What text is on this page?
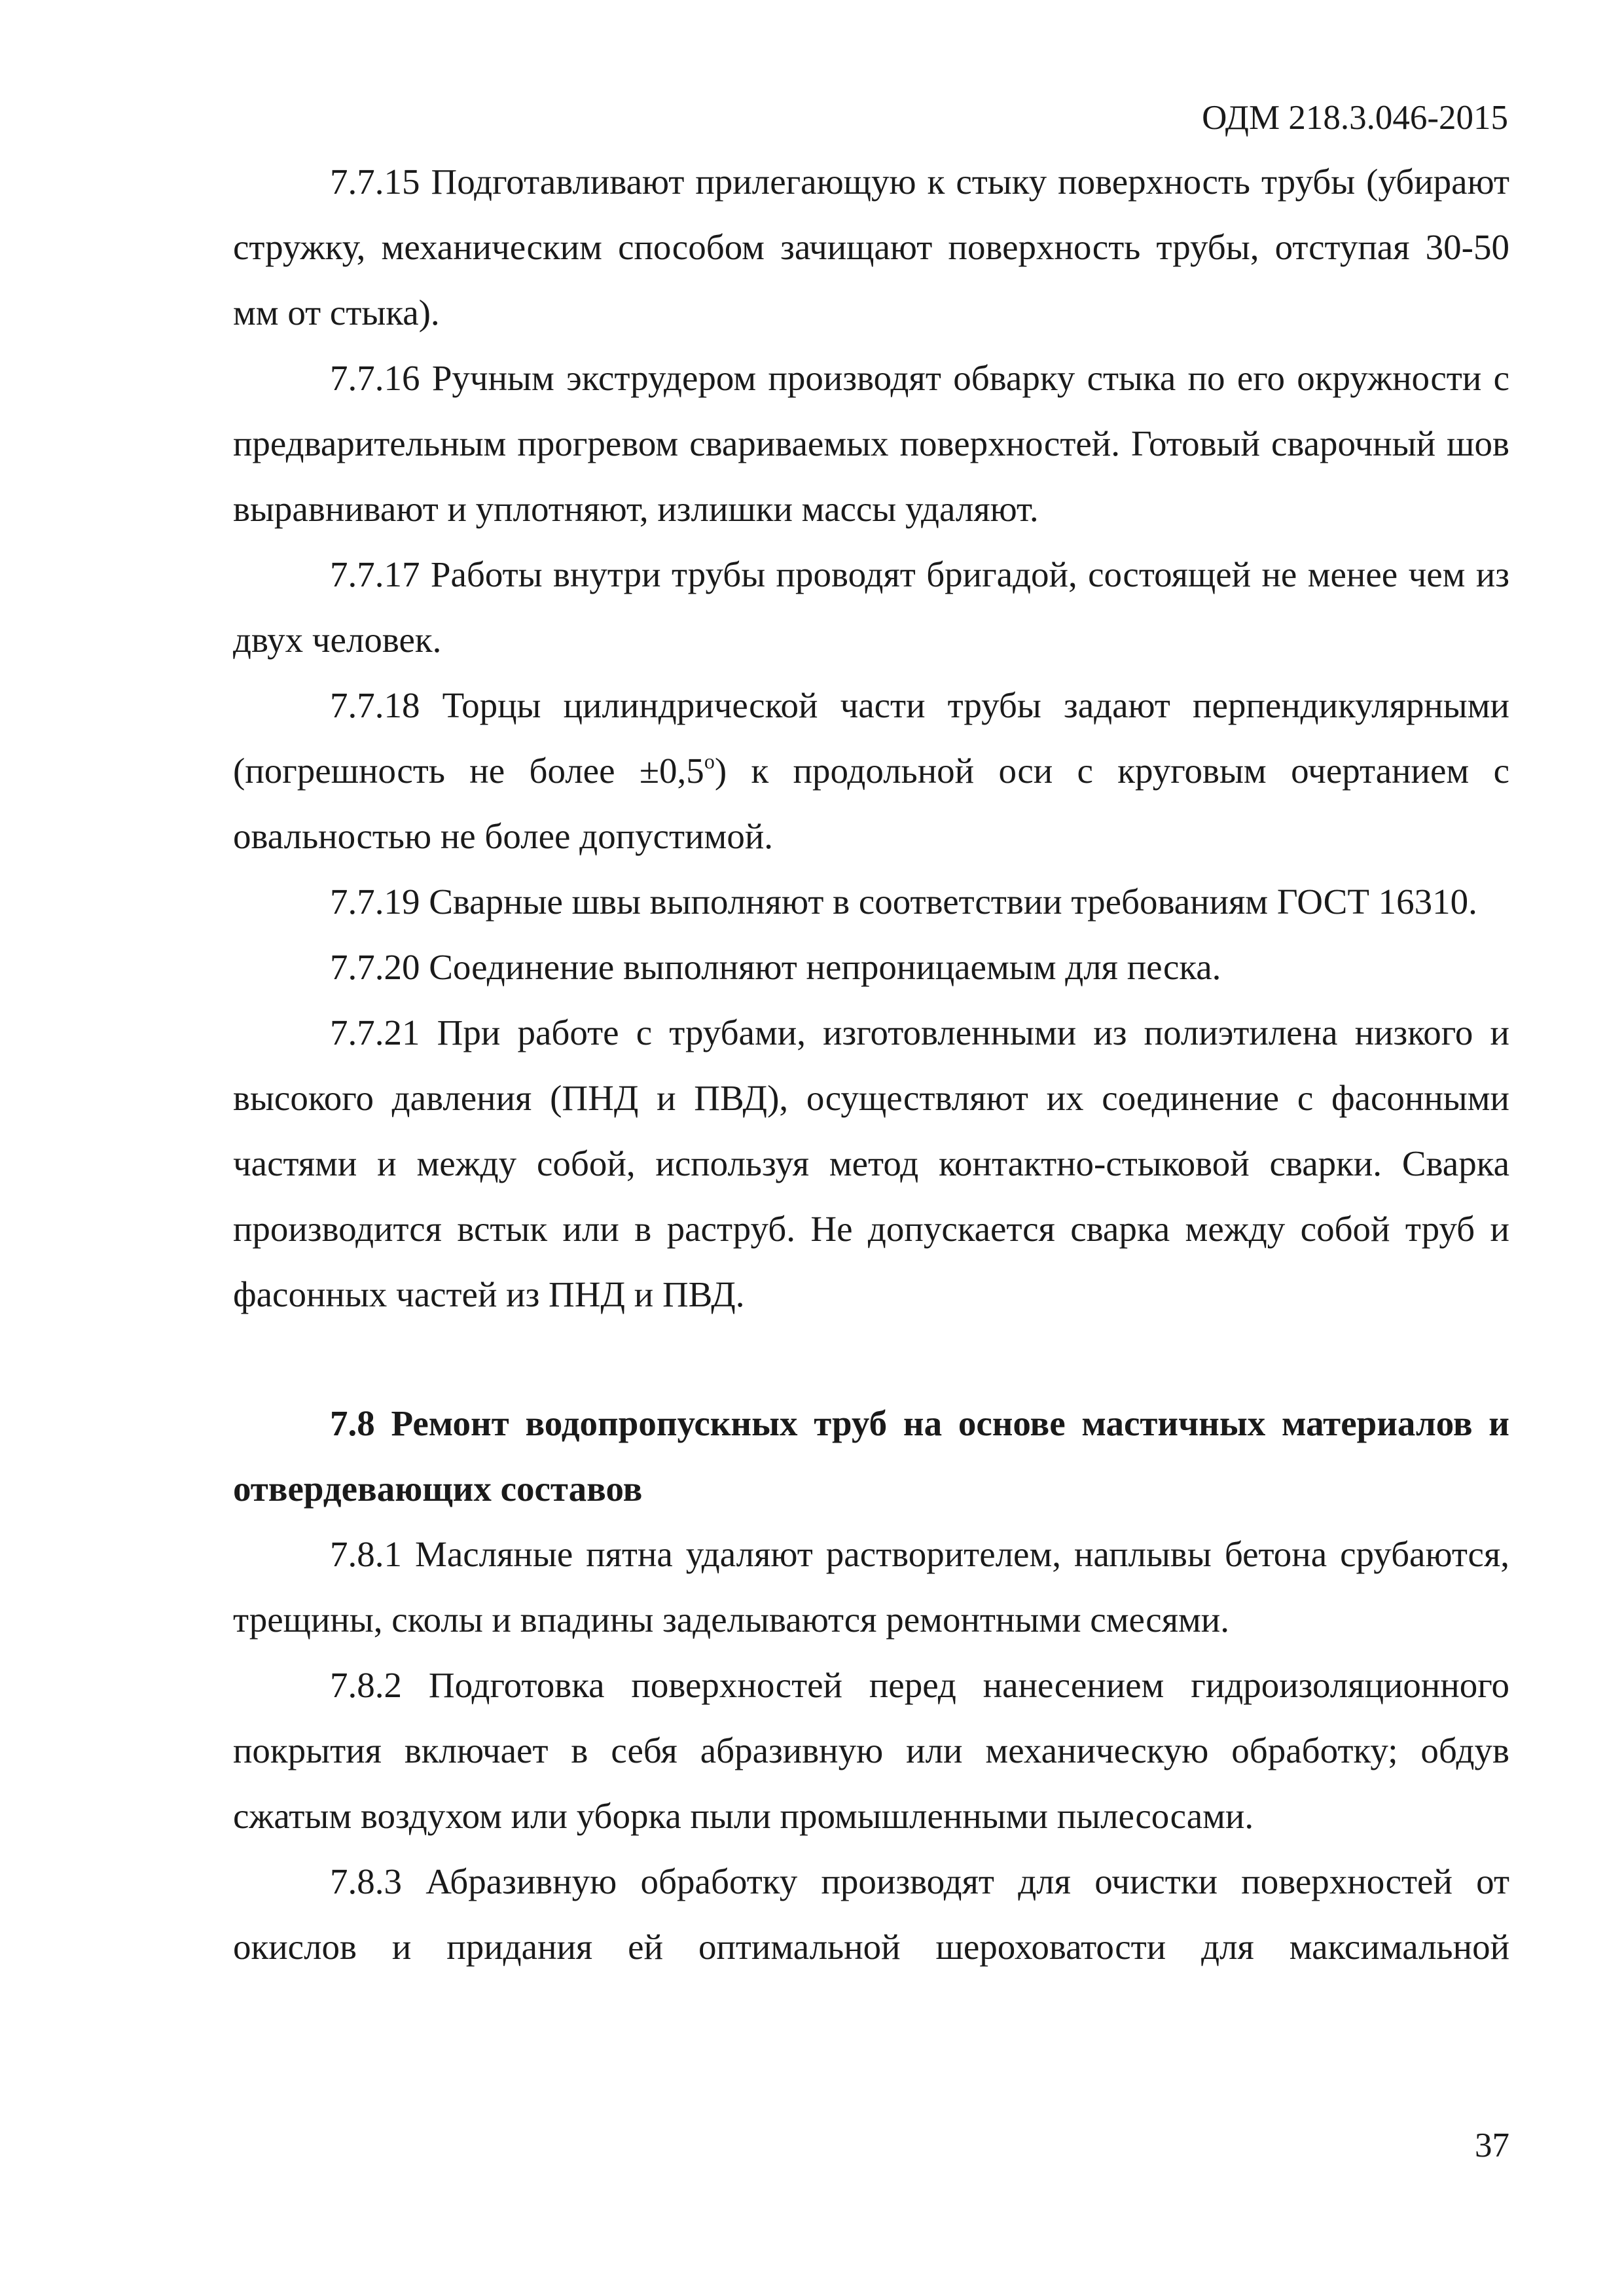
ОДМ 218.3.046-2015

7.7.15 Подготавливают прилегающую к стыку поверхность трубы (убирают стружку, механическим способом зачищают поверхность трубы, отступая 30-50 мм от стыка).

7.7.16 Ручным экструдером производят обварку стыка по его окружности с предварительным прогревом свариваемых поверхностей. Готовый сварочный шов выравнивают и уплотняют, излишки массы удаляют.

7.7.17 Работы внутри трубы проводят бригадой, состоящей не менее чем из двух человек.

7.7.18 Торцы цилиндрической части трубы задают перпендикулярными (погрешность не более $\pm 0,5^о$) к продольной оси с круговым очертанием с овальностью не более допустимой.

7.7.19 Сварные швы выполняют в соответствии требованиям ГОСТ 16310.

7.7.20 Соединение выполняют непроницаемым для песка.

7.7.21 При работе с трубами, изготовленными из полиэтилена низкого и высокого давления (ПНД и ПВД), осуществляют их соединение с фасонными частями и между собой, используя метод контактно-стыковой сварки. Сварка производится встык или в раструб. Не допускается сварка между собой труб и фасонных частей из ПНД и ПВД.

7.8 Ремонт водопропускных труб на основе мастичных материалов и отвердевающих составов

7.8.1 Масляные пятна удаляют растворителем, наплывы бетона срубаются, трещины, сколы и впадины заделываются ремонтными смесями.

7.8.2 Подготовка поверхностей перед нанесением гидроизоляционного покрытия включает в себя абразивную или механическую обработку; обдув сжатым воздухом или уборка пыли промышленными пылесосами.

7.8.3 Абразивную обработку производят для очистки поверхностей от окислов и придания ей оптимальной шероховатости для максимальной

37
